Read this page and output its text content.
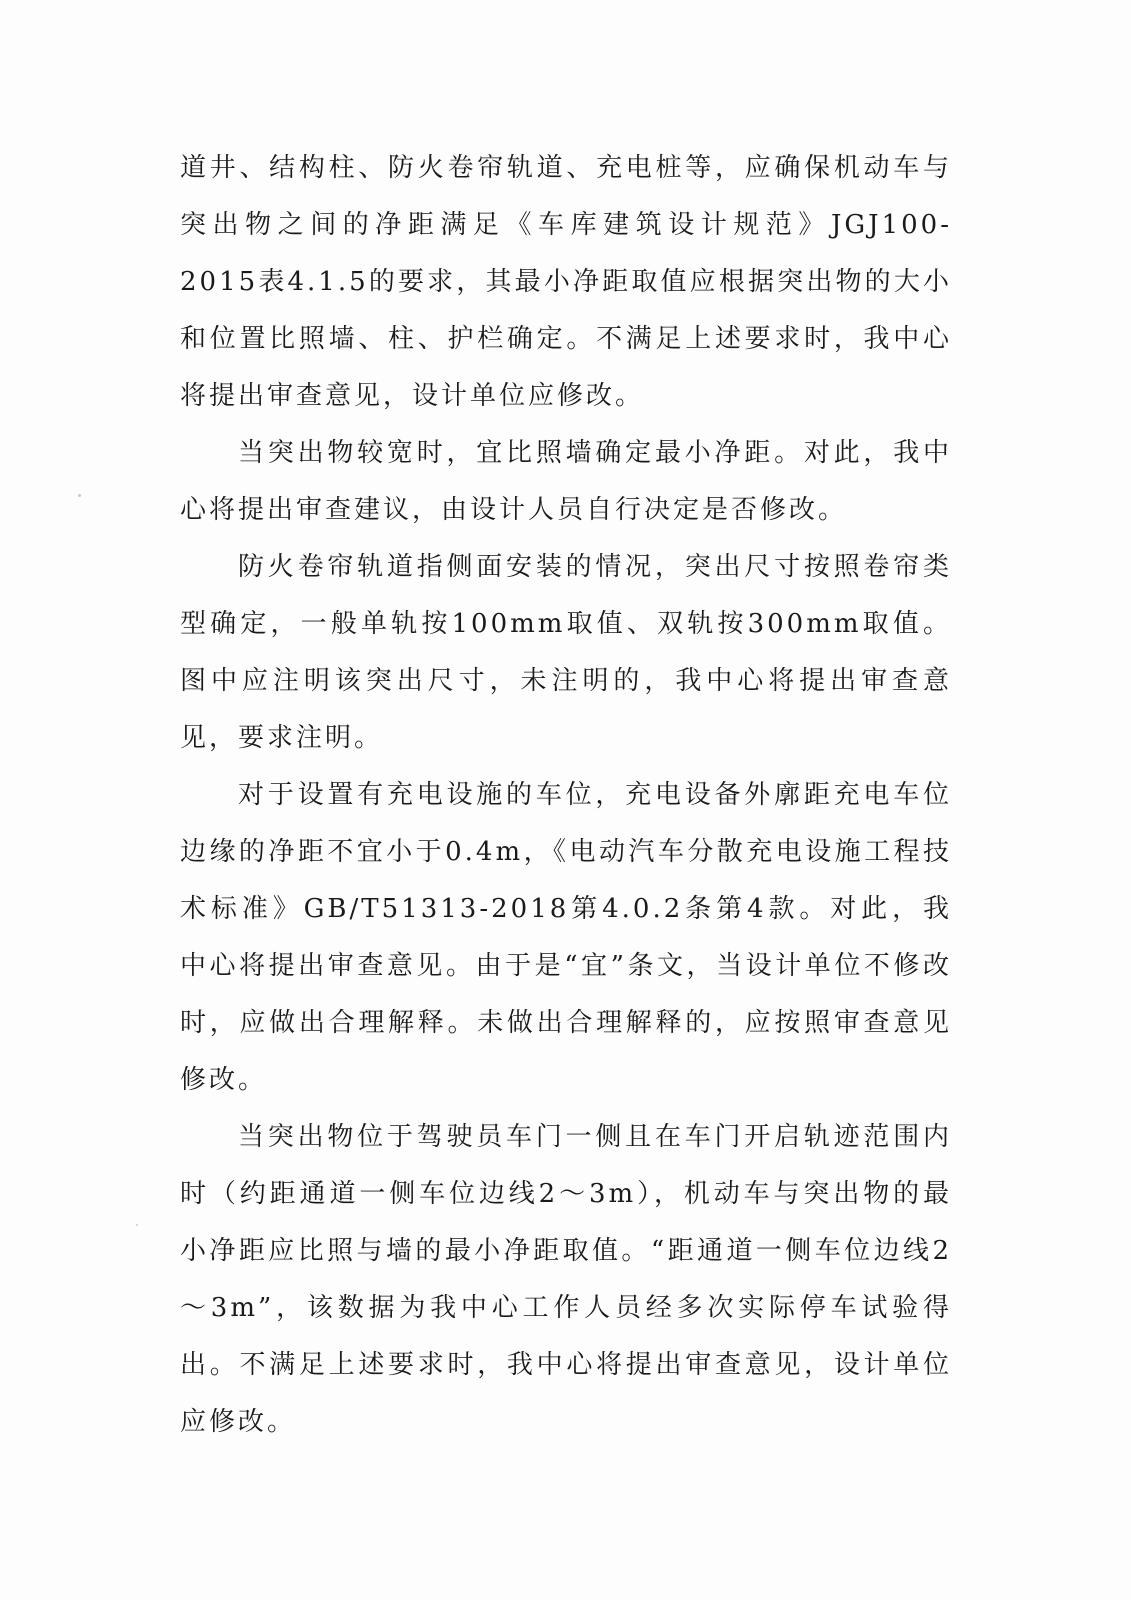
道井、结构柱、防火卷帘轨道、充电桩等，应确保机动车与突出物之间的净距满足《车库建筑设计规范》JGJ100-2015表4.1.5的要求，其最小净距取值应根据突出物的大小和位置比照墙、柱、护栏确定。不满足上述要求时，我中心将提出审查意见，设计单位应修改。

当突出物较宽时，宜比照墙确定最小净距。对此，我中心将提出审查建议，由设计人员自行决定是否修改。

防火卷帘轨道指侧面安装的情况，突出尺寸按照卷帘类型确定，一般单轨按100mm取值、双轨按300mm取值。图中应注明该突出尺寸，未注明的，我中心将提出审查意见，要求注明。

对于设置有充电设施的车位，充电设备外廓距充电车位边缘的净距不宜小于0.4m，《电动汽车分散充电设施工程技术标准》GB/T51313-2018第4.0.2条第4款。对此，我中心将提出审查意见。由于是“宜”条文，当设计单位不修改时，应做出合理解释。未做出合理解释的，应按照审查意见修改。

当突出物位于驾驶员车门一侧且在车门开启轨迹范围内时（约距通道一侧车位边线2～3m），机动车与突出物的最小净距应比照与墙的最小净距取值。“距通道一侧车位边线2～3m”，该数据为我中心工作人员经多次实际停车试验得出。不满足上述要求时，我中心将提出审查意见，设计单位应修改。
